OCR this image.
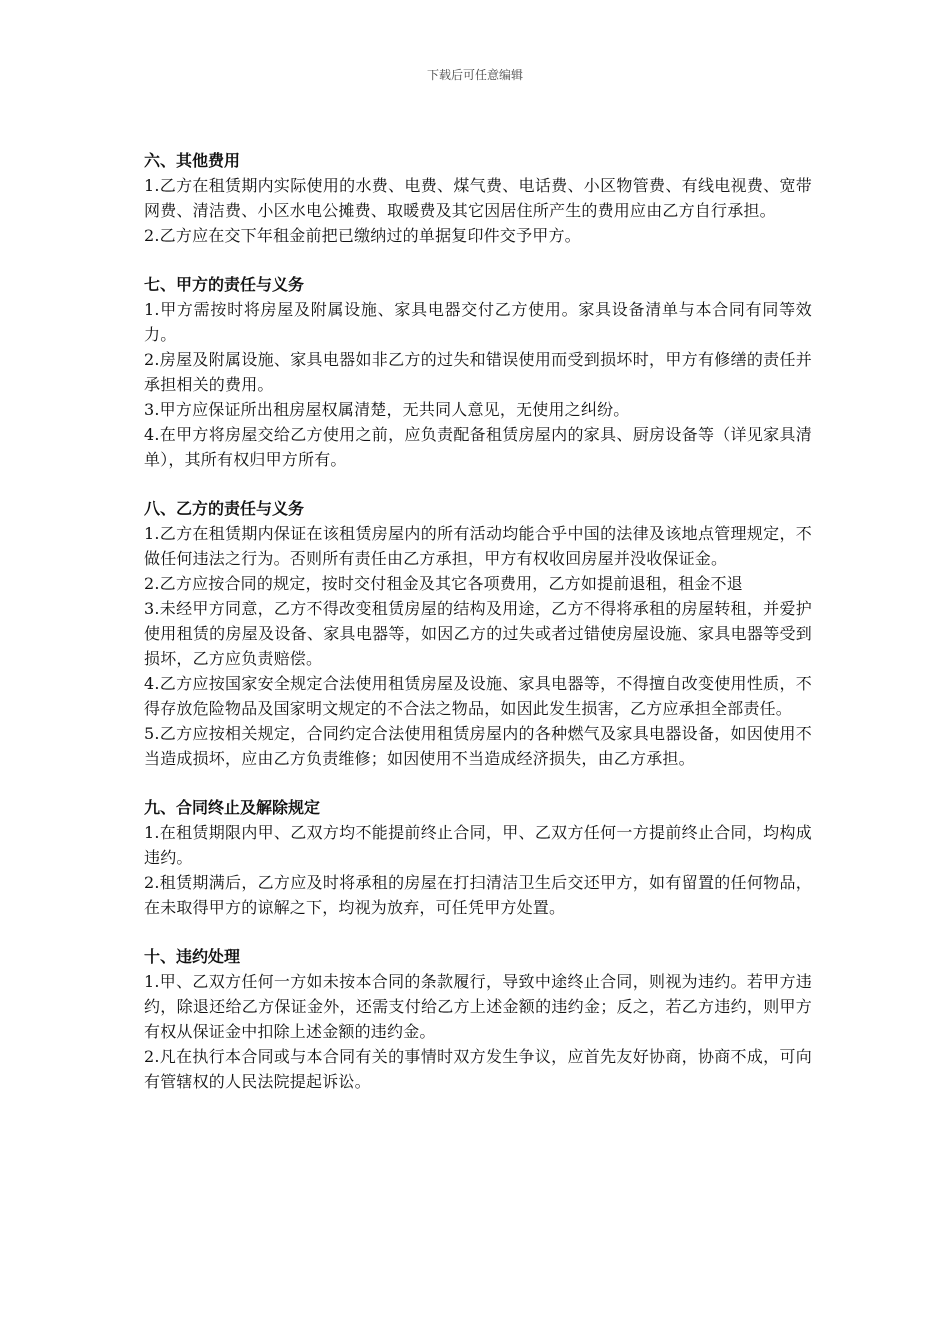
下载后可任意编辑

六、其他费用

1.乙方在租赁期内实际使用的水费、电费、煤气费、电话费、小区物管费、有线电视费、宽带网费、清洁费、小区水电公摊费、取暖费及其它因居住所产生的费用应由乙方自行承担。

2.乙方应在交下年租金前把已缴纳过的单据复印件交予甲方。

七、甲方的责任与义务

1.甲方需按时将房屋及附属设施、家具电器交付乙方使用。家具设备清单与本合同有同等效力。

2.房屋及附属设施、家具电器如非乙方的过失和错误使用而受到损坏时，甲方有修缮的责任并承担相关的费用。

3.甲方应保证所出租房屋权属清楚，无共同人意见，无使用之纠纷。

4.在甲方将房屋交给乙方使用之前，应负责配备租赁房屋内的家具、厨房设备等（详见家具清单），其所有权归甲方所有。

八、乙方的责任与义务

1.乙方在租赁期内保证在该租赁房屋内的所有活动均能合乎中国的法律及该地点管理规定，不做任何违法之行为。否则所有责任由乙方承担，甲方有权收回房屋并没收保证金。

2.乙方应按合同的规定，按时交付租金及其它各项费用，乙方如提前退租，租金不退

3.未经甲方同意，乙方不得改变租赁房屋的结构及用途，乙方不得将承租的房屋转租，并爱护使用租赁的房屋及设备、家具电器等，如因乙方的过失或者过错使房屋设施、家具电器等受到损坏，乙方应负责赔偿。

4.乙方应按国家安全规定合法使用租赁房屋及设施、家具电器等，不得擅自改变使用性质，不得存放危险物品及国家明文规定的不合法之物品，如因此发生损害，乙方应承担全部责任。

5.乙方应按相关规定，合同约定合法使用租赁房屋内的各种燃气及家具电器设备，如因使用不当造成损坏，应由乙方负责维修；如因使用不当造成经济损失，由乙方承担。

九、合同终止及解除规定

1.在租赁期限内甲、乙双方均不能提前终止合同，甲、乙双方任何一方提前终止合同，均构成违约。

2.租赁期满后，乙方应及时将承租的房屋在打扫清洁卫生后交还甲方，如有留置的任何物品，在未取得甲方的谅解之下，均视为放弃，可任凭甲方处置。

十、违约处理

1.甲、乙双方任何一方如未按本合同的条款履行，导致中途终止合同，则视为违约。若甲方违约，除退还给乙方保证金外，还需支付给乙方上述金额的违约金；反之，若乙方违约，则甲方有权从保证金中扣除上述金额的违约金。

2.凡在执行本合同或与本合同有关的事情时双方发生争议，应首先友好协商，协商不成，可向有管辖权的人民法院提起诉讼。
